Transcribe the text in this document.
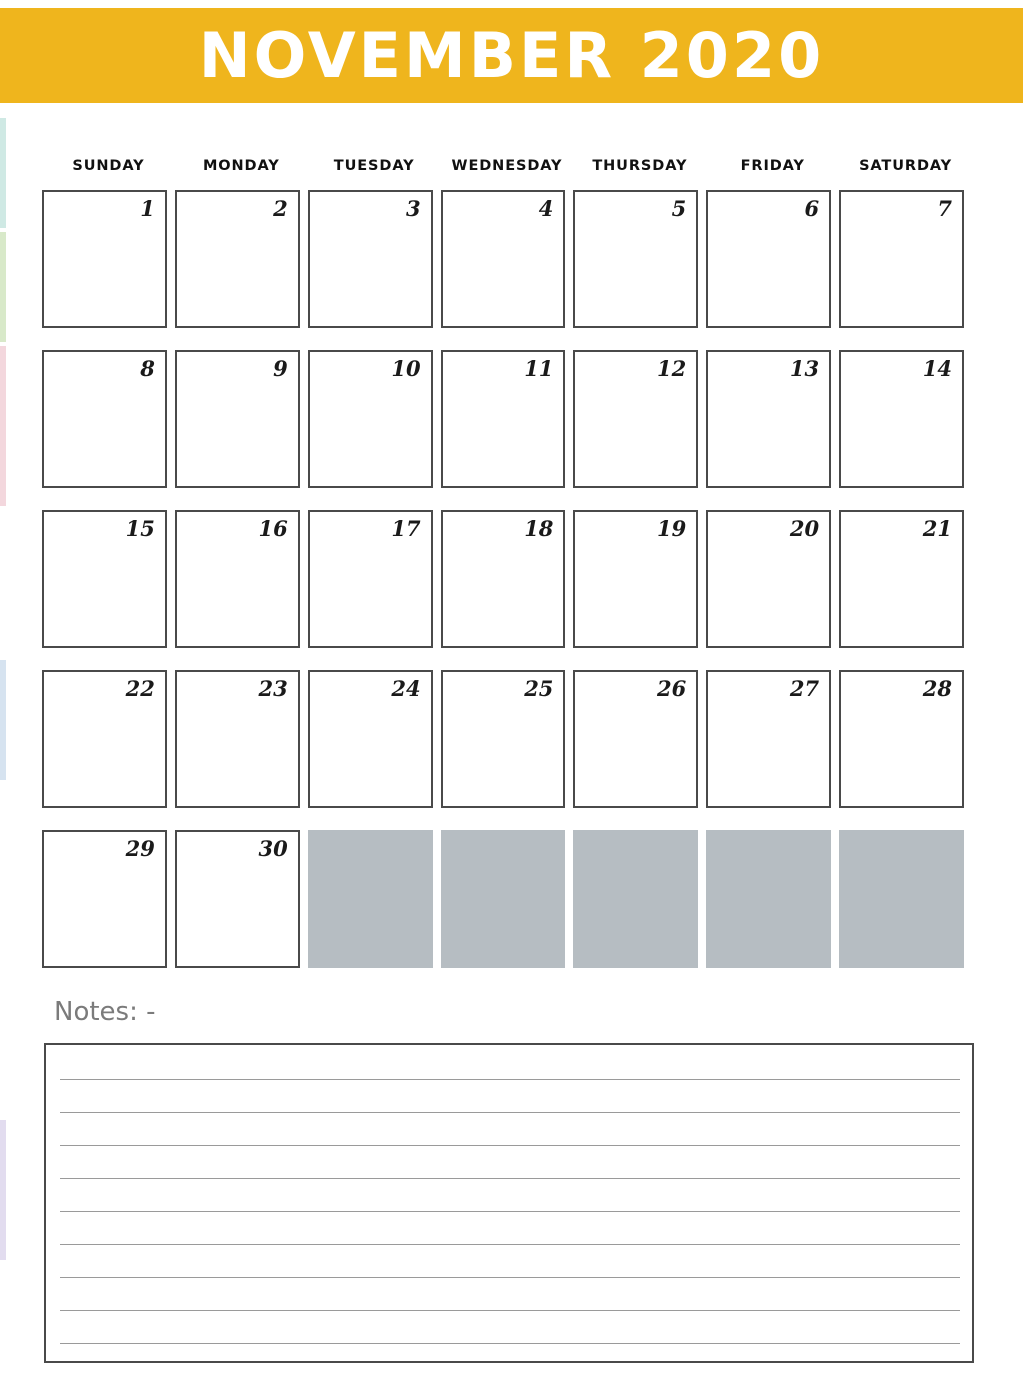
NOVEMBER 2020
SUNDAY	MONDAY	TUESDAY	WEDNESDAY	THURSDAY	FRIDAY	SATURDAY
1	2	3	4	5	6	7
8	9	10	11	12	13	14
15	16	17	18	19	20	21
22	23	24	25	26	27	28
29	30
Notes: -
